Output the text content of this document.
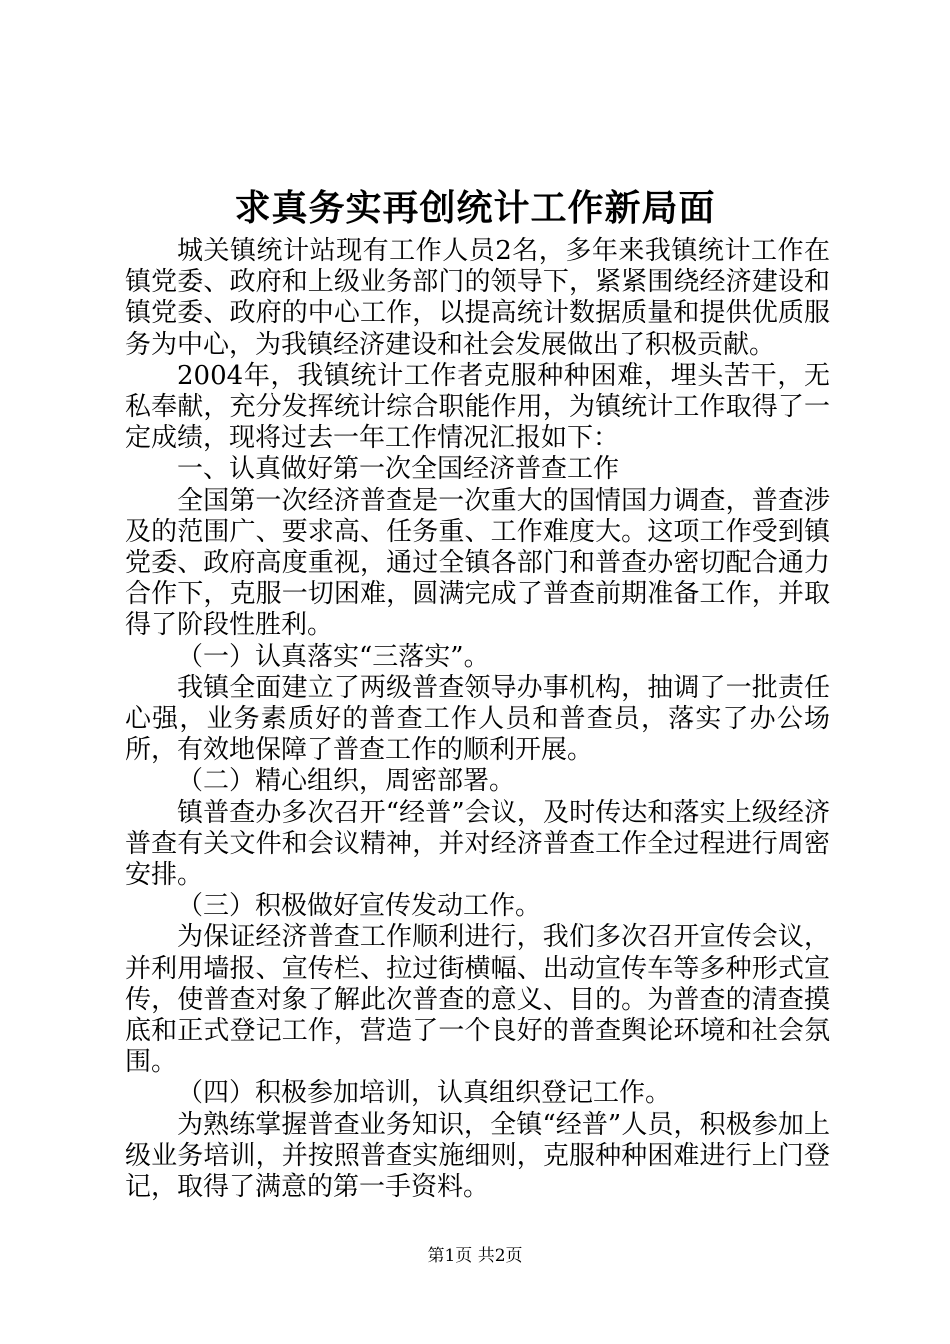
求真务实再创统计工作新局面

城关镇统计站现有工作人员2名，多年来我镇统计工作在镇党委、政府和上级业务部门的领导下，紧紧围绕经济建设和镇党委、政府的中心工作，以提高统计数据质量和提供优质服务为中心，为我镇经济建设和社会发展做出了积极贡献。

2004年，我镇统计工作者克服种种困难，埋头苦干，无私奉献，充分发挥统计综合职能作用，为镇统计工作取得了一定成绩，现将过去一年工作情况汇报如下：

一、认真做好第一次全国经济普查工作

全国第一次经济普查是一次重大的国情国力调查，普查涉及的范围广、要求高、任务重、工作难度大。这项工作受到镇党委、政府高度重视，通过全镇各部门和普查办密切配合通力合作下，克服一切困难，圆满完成了普查前期准备工作，并取得了阶段性胜利。

（一）认真落实“三落实”。

我镇全面建立了两级普查领导办事机构，抽调了一批责任心强，业务素质好的普查工作人员和普查员，落实了办公场所，有效地保障了普查工作的顺利开展。

（二）精心组织，周密部署。

镇普查办多次召开“经普”会议，及时传达和落实上级经济普查有关文件和会议精神，并对经济普查工作全过程进行周密安排。

（三）积极做好宣传发动工作。

为保证经济普查工作顺利进行，我们多次召开宣传会议，并利用墙报、宣传栏、拉过街横幅、出动宣传车等多种形式宣传，使普查对象了解此次普查的意义、目的。为普查的清查摸底和正式登记工作，营造了一个良好的普查舆论环境和社会氛围。

（四）积极参加培训，认真组织登记工作。

为熟练掌握普查业务知识，全镇“经普”人员，积极参加上级业务培训，并按照普查实施细则，克服种种困难进行上门登记，取得了满意的第一手资料。

第1页 共2页
